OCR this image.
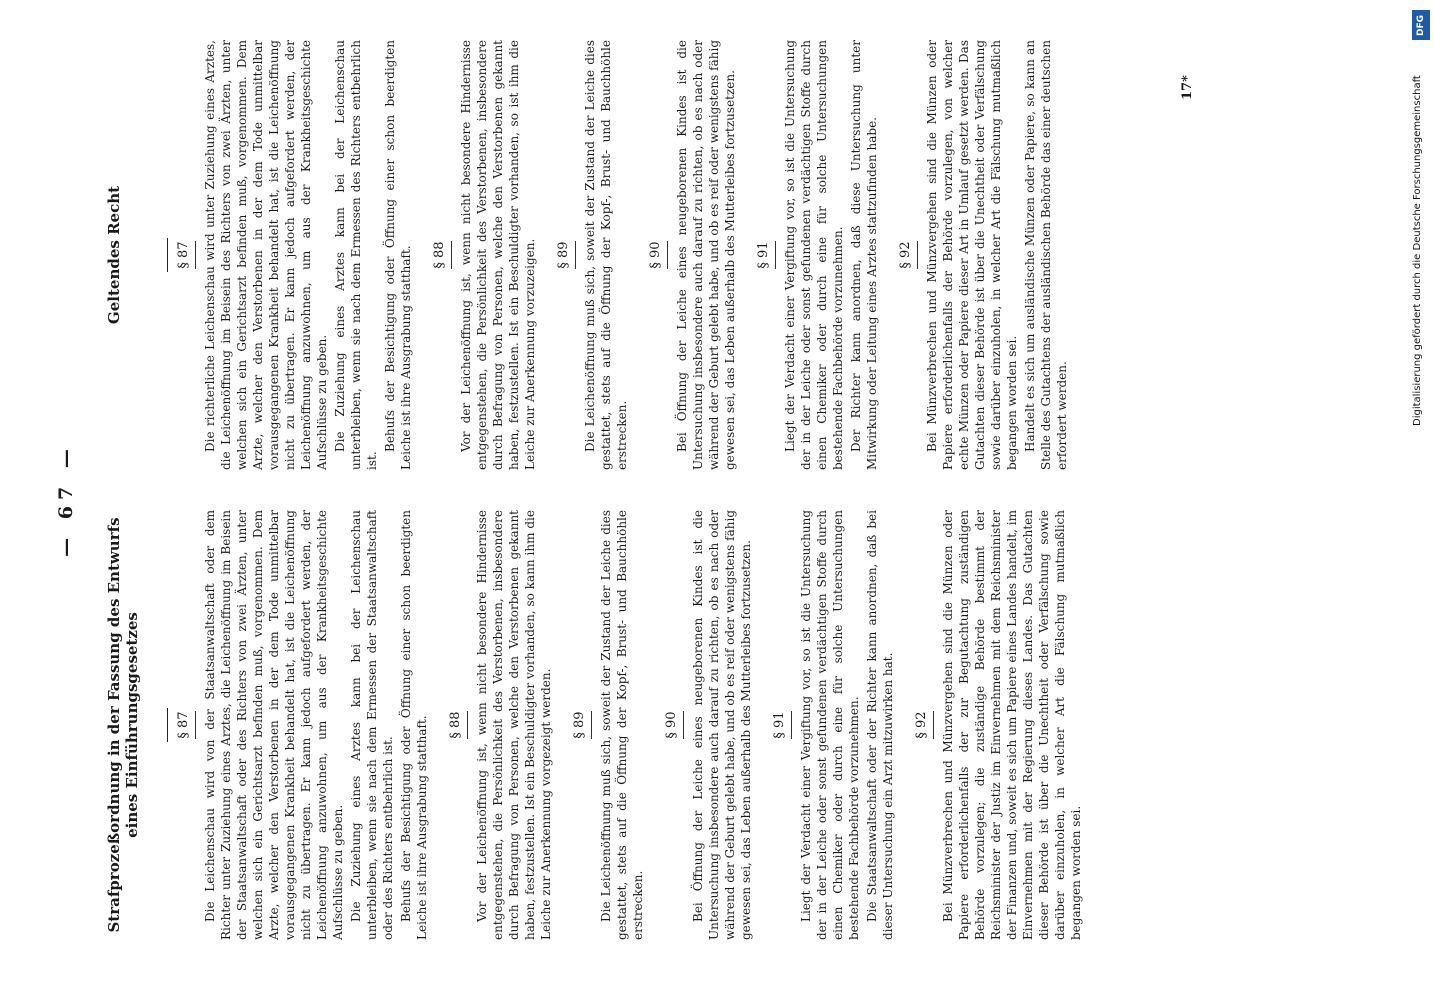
— 67 —
Strafprozeßordnung in der Fassung des Entwurfs eines Einführungsgesetzes	§ 87 Die Leichenschau wird von der Staatsanwaltschaft oder dem Richter unter Zuziehung eines Arztes, die Leichenöffnung im Beisein der Staatsanwaltschaft oder des Richters von zwei Ärzten, unter welchen sich ein Gerichtsarzt befinden muß, vorgenommen. Dem Arzte, welcher den Verstorbenen in der dem Tode unmittelbar vorausgegangenen Krankheit behandelt hat, ist die Leichenöffnung nicht zu übertragen. Er kann jedoch aufgefordert werden, der Leichenöffnung anzuwohnen, um aus der Krankheitsgeschichte Aufschlüsse zu geben. Die Zuziehung eines Arztes kann bei der Leichenschau unterbleiben, wenn sie nach dem Ermessen der Staatsanwaltschaft oder des Richters entbehrlich ist. Behufs der Besichtigung oder Öffnung einer schon beerdigten Leiche ist ihre Ausgrabung statthaft. § 88 Vor der Leichenöffnung ist, wenn nicht besondere Hindernisse entgegenstehen, die Persönlichkeit des Verstorbenen, insbesondere durch Befragung von Personen, welche den Verstorbenen gekannt haben, festzustellen. Ist ein Beschuldigter vorhanden, so kann ihm die Leiche zur Anerkennung vorgezeigt werden. § 89 Die Leichenöffnung muß sich, soweit der Zustand der Leiche dies gestattet, stets auf die Öffnung der Kopf-, Brust- und Bauchhöhle erstrecken.

§ 90 Bei Öffnung der Leiche eines neugeborenen Kindes ist die Untersuchung insbesondere auch darauf zu richten, ob es nach oder während der Geburt gelebt habe, und ob es reif oder wenigstens fähig gewesen sei, das Leben außerhalb des Mutterleibes fortzusetzen. § 91 Liegt der Verdacht einer Vergiftung vor, so ist die Untersuchung der in der Leiche oder sonst gefundenen verdächtigen Stoffe durch einen Chemiker oder durch eine für solche Untersuchungen bestehende Fachbehörde vorzunehmen. Die Staatsanwaltschaft oder der Richter kann anordnen, daß bei dieser Untersuchung ein Arzt mitzuwirken hat. § 92 Bei Münzverbrechen und Münzvergehen sind die Münzen oder Papiere erforderlichenfalls der zur Begutachtung zuständigen Behörde vorzulegen; die zuständige Behörde bestimmt der Reichsminister der Justiz im Einvernehmen mit dem Reichsminister der Finanzen und, soweit es sich um Papiere eines Landes handelt, im Einvernehmen mit der Regierung dieses Landes. Das Gutachten dieser Behörde ist über die Unechtheit oder Verfälschung sowie darüber einzuholen, in welcher Art die Fälschung mutmaßlich begangen worden sei.

Geltendes Recht	§ 87 Die richterliche Leichenschau wird unter Zuziehung eines Arztes, die Leichenöffnung im Beisein des Richters von zwei Ärzten, unter welchen sich ein Gerichtsarzt befinden muß, vorgenommen. Dem Arzte, welcher den Verstorbenen in der dem Tode unmittelbar vorausgegangenen Krankheit behandelt hat, ist die Leichenöffnung nicht zu übertragen. Er kann jedoch aufgefordert werden, der Leichenöffnung anzuwohnen, um aus der Krankheitsgeschichte Aufschlüsse zu geben. Die Zuziehung eines Arztes kann bei der Leichenschau unterbleiben, wenn sie nach dem Ermessen des Richters entbehrlich ist.

Behufs der Besichtigung oder Öffnung einer schon beerdigten Leiche ist ihre Ausgrabung statthaft. § 88 Vor der Leichenöffnung ist, wenn nicht besondere Hindernisse entgegenstehen, die Persönlichkeit des Verstorbenen, insbesondere durch Befragung von Personen, welche den Verstorbenen gekannt haben, festzustellen. Ist ein Beschuldigter vorhanden, so ist ihm die Leiche zur Anerkennung vorzuzeigen. § 89 Die Leichenöffnung muß sich, soweit der Zustand der Leiche dies gestattet, stets auf die Öffnung der Kopf-, Brust- und Bauchhöhle erstrecken.

§ 90 Bei Öffnung der Leiche eines neugeborenen Kindes ist die Untersuchung insbesondere auch darauf zu richten, ob es nach oder während der Geburt gelebt habe, und ob es reif oder wenigstens fähig gewesen sei, das Leben außerhalb des Mutterleibes fortzusetzen. § 91 Liegt der Verdacht einer Vergiftung vor, so ist die Untersuchung der in der Leiche oder sonst gefundenen verdächtigen Stoffe durch einen Chemiker oder durch eine für solche Untersuchungen bestehende Fachbehörde vorzunehmen. Der Richter kann anordnen, daß diese Untersuchung unter Mitwirkung oder Leitung eines Arztes stattzufinden habe. § 92 Bei Münzverbrechen und Münzvergehen sind die Münzen oder Papiere erforderlichenfalls der Behörde vorzulegen, von welcher echte Münzen oder Papiere dieser Art in Umlauf gesetzt werden. Das Gutachten dieser Behörde ist über die Unechtheit oder Verfälschung sowie darüber einzuholen, in welcher Art die Fälschung mutmaßlich begangen worden sei. Handelt es sich um ausländische Münzen oder Papiere, so kann an Stelle des Gutachtens der ausländischen Behörde das einer deutschen erfordert werden.

17*
DFG
Digitalisierung gefördert durch die Deutsche Forschungsgemeinschaft
